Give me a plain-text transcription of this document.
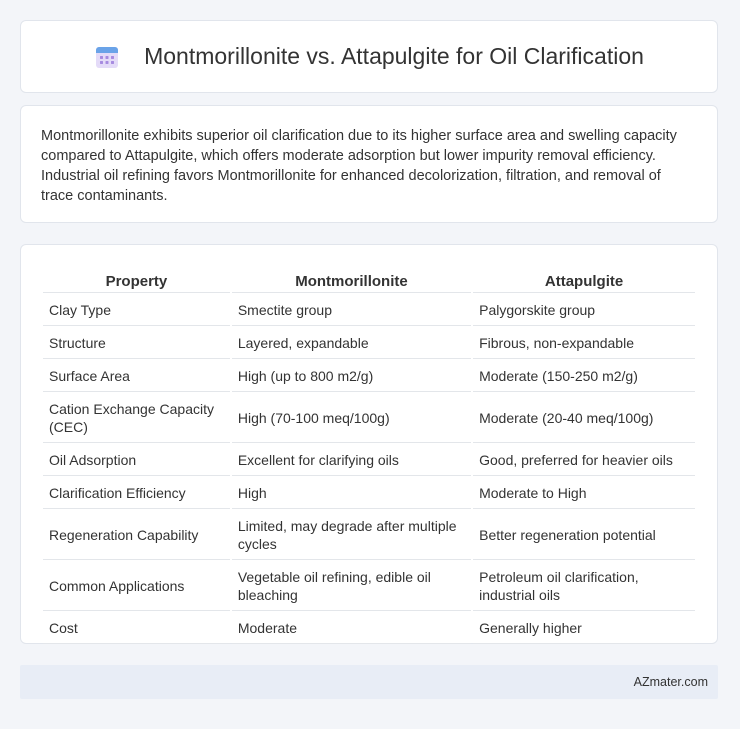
Montmorillonite vs. Attapulgite for Oil Clarification

Montmorillonite exhibits superior oil clarification due to its higher surface area and swelling capacity compared to Attapulgite, which offers moderate adsorption but lower impurity removal efficiency. Industrial oil refining favors Montmorillonite for enhanced decolorization, filtration, and removal of trace contaminants.

Property	Montmorillonite	Attapulgite
Clay Type	Smectite group	Palygorskite group
Structure	Layered, expandable	Fibrous, non-expandable
Surface Area	High (up to 800 m2/g)	Moderate (150-250 m2/g)
Cation Exchange Capacity (CEC)	High (70-100 meq/100g)	Moderate (20-40 meq/100g)
Oil Adsorption	Excellent for clarifying oils	Good, preferred for heavier oils
Clarification Efficiency	High	Moderate to High
Regeneration Capability	Limited, may degrade after multiple cycles	Better regeneration potential
Common Applications	Vegetable oil refining, edible oil bleaching	Petroleum oil clarification, industrial oils
Cost	Moderate	Generally higher
AZmater.com
